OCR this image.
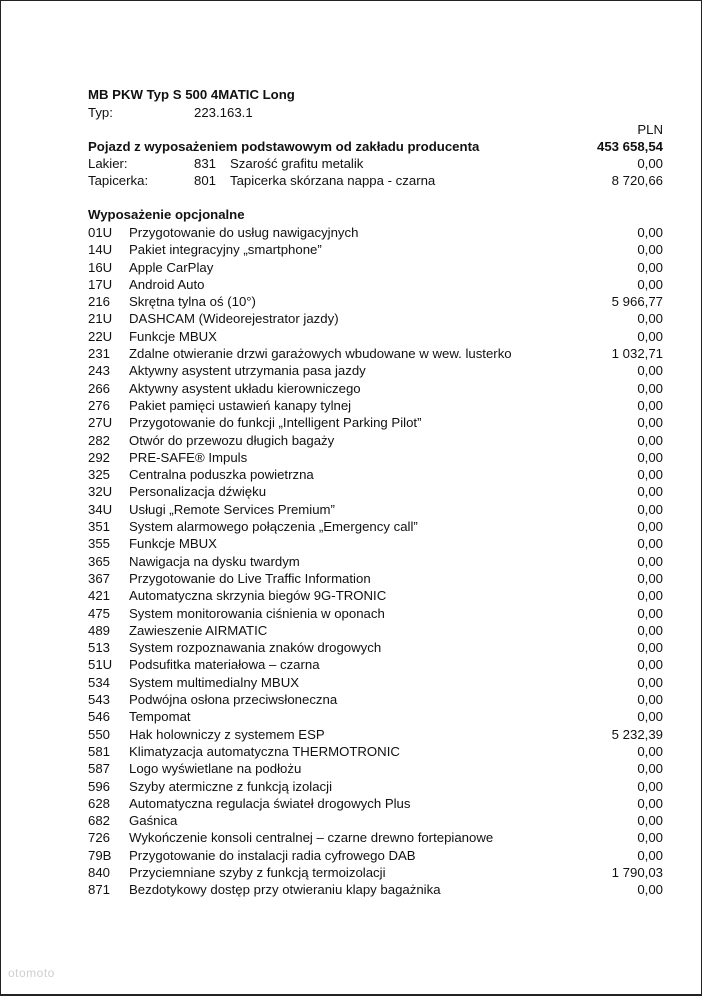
MB PKW Typ S 500 4MATIC Long
Typ:	223.163.1
PLN
Pojazd z wyposażeniem podstawowym od zakładu producenta	453 658,54
Lakier:	831 Szarość grafitu metalik	0,00
Tapicerka:	801 Tapicerka skórzana nappa - czarna	8 720,66
Wyposażenie opcjonalne
01U Przygotowanie do usług nawigacyjnych	0,00
14U Pakiet integracyjny „smartphone”	0,00
16U Apple CarPlay	0,00
17U Android Auto	0,00
216 Skrętna tylna oś (10°)	5 966,77
21U DASHCAM (Wideorejestrator jazdy)	0,00
22U Funkcje MBUX	0,00
231 Zdalne otwieranie drzwi garażowych wbudowane w wew. lusterko	1 032,71
243 Aktywny asystent utrzymania pasa jazdy	0,00
266 Aktywny asystent układu kierowniczego	0,00
276 Pakiet pamięci ustawień kanapy tylnej	0,00
27U Przygotowanie do funkcji „Intelligent Parking Pilot”	0,00
282 Otwór do przewozu długich bagaży	0,00
292 PRE-SAFE® Impuls	0,00
325 Centralna poduszka powietrzna	0,00
32U Personalizacja dźwięku	0,00
34U Usługi „Remote Services Premium”	0,00
351 System alarmowego połączenia „Emergency call”	0,00
355 Funkcje MBUX	0,00
365 Nawigacja na dysku twardym	0,00
367 Przygotowanie do Live Traffic Information	0,00
421 Automatyczna skrzynia biegów 9G-TRONIC	0,00
475 System monitorowania ciśnienia w oponach	0,00
489 Zawieszenie AIRMATIC	0,00
513 System rozpoznawania znaków drogowych	0,00
51U Podsufitka materiałowa – czarna	0,00
534 System multimedialny MBUX	0,00
543 Podwójna osłona przeciwsłoneczna	0,00
546 Tempomat	0,00
550 Hak holowniczy z systemem ESP	5 232,39
581 Klimatyzacja automatyczna THERMOTRONIC	0,00
587 Logo wyświetlane na podłożu	0,00
596 Szyby atermiczne z funkcją izolacji	0,00
628 Automatyczna regulacja świateł drogowych Plus	0,00
682 Gaśnica	0,00
726 Wykończenie konsoli centralnej – czarne drewno fortepianowe	0,00
79B Przygotowanie do instalacji radia cyfrowego DAB	0,00
840 Przyciemniane szyby z funkcją termoizolacji	1 790,03
871 Bezdotykowy dostęp przy otwieraniu klapy bagażnika	0,00
otomoto
